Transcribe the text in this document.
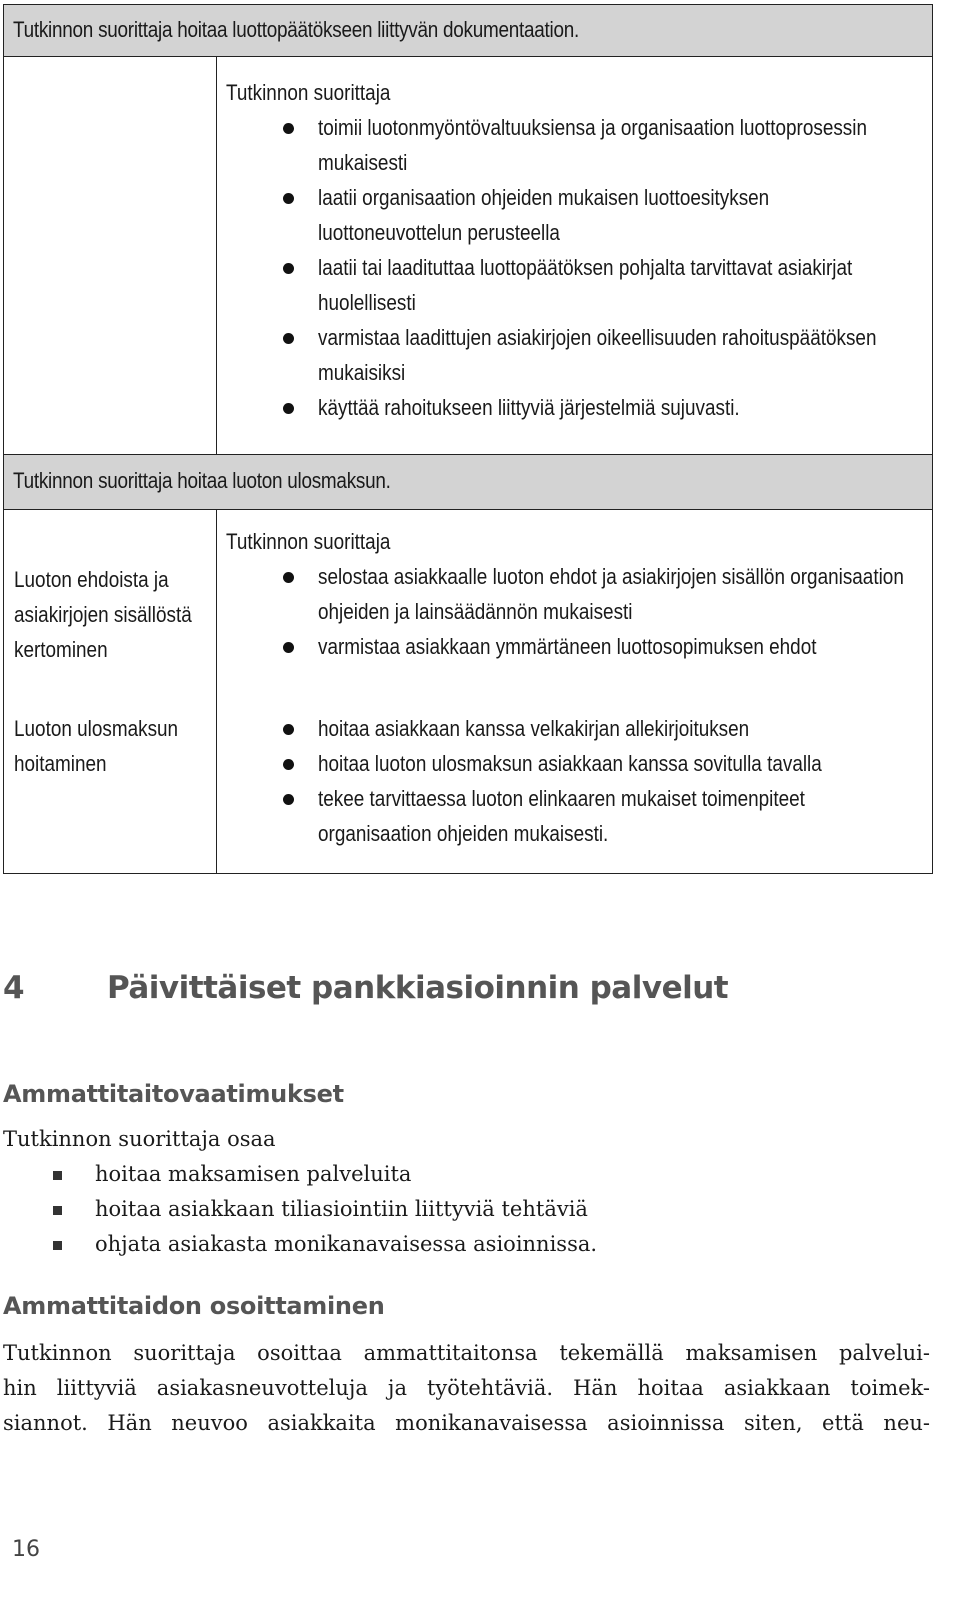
Tutkinnon suorittaja hoitaa luottopäätökseen liittyvän dokumentaation.
Tutkinnon suorittaja
toimii luotonmyöntövaltuuksiensa ja organisaation luottoprosessin
mukaisesti
laatii organisaation ohjeiden mukaisen luottoesityksen
luottoneuvottelun perusteella
laatii tai laadituttaa luottopäätöksen pohjalta tarvittavat asiakirjat
huolellisesti
varmistaa laadittujen asiakirjojen oikeellisuuden rahoituspäätöksen
mukaisiksi
käyttää rahoitukseen liittyviä järjestelmiä sujuvasti.
Tutkinnon suorittaja hoitaa luoton ulosmaksun.
Luoton ehdoista ja
asiakirjojen sisällöstä
kertominen
Tutkinnon suorittaja
selostaa asiakkaalle luoton ehdot ja asiakirjojen sisällön organisaation
ohjeiden ja lainsäädännön mukaisesti
varmistaa asiakkaan ymmärtäneen luottosopimuksen ehdot
Luoton ulosmaksun
hoitaminen
hoitaa asiakkaan kanssa velkakirjan allekirjoituksen
hoitaa luoton ulosmaksun asiakkaan kanssa sovitulla tavalla
tekee tarvittaessa luoton elinkaaren mukaiset toimenpiteet
organisaation ohjeiden mukaisesti.
4	Päivittäiset pankkiasioinnin palvelut
Ammattitaitovaatimukset
Tutkinnon suorittaja osaa
hoitaa maksamisen palveluita
hoitaa asiakkaan tiliasiointiin liittyviä tehtäviä
ohjata asiakasta monikanavaisessa asioinnissa.
Ammattitaidon osoittaminen
Tutkinnon suorittaja osoittaa ammattitaitonsa tekemällä maksamisen palvelui-
hin liittyviä asiakasneuvotteluja ja työtehtäviä. Hän hoitaa asiakkaan toimek-
siannot. Hän neuvoo asiakkaita monikanavaisessa asioinnissa siten, että neu-
16
